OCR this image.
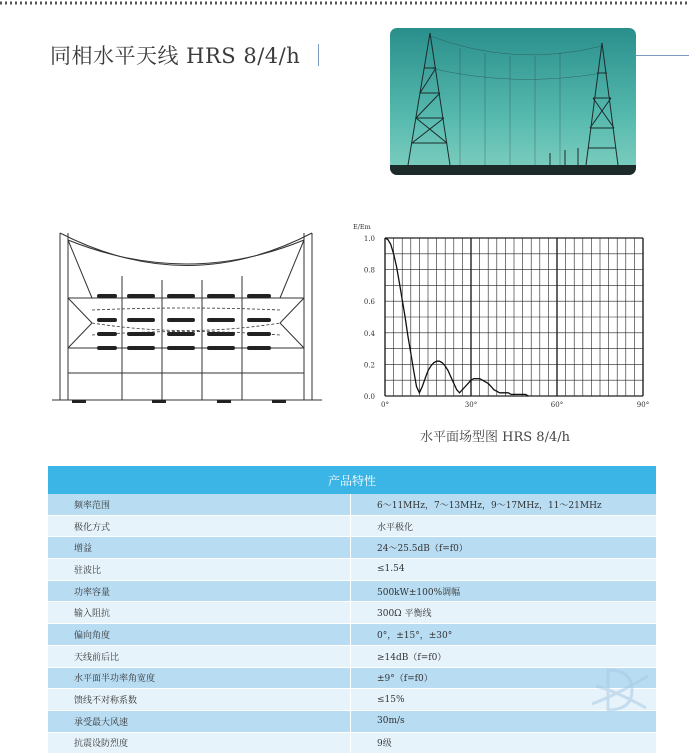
同相水平天线 HRS 8/4/h
1.0
0.8
0.6
0.4
0.2
0.0
0°	30°	60°	90°
E/Em
水平面场型图 HRS 8/4/h
产品特性	
频率范围	6～11MHz，7～13MHz，9～17MHz，11～21MHz
极化方式	水平极化
增益	24～25.5dB（f=f0）
驻波比	≤1.54
功率容量	500kW±100%调幅
输入阻抗	300Ω 平衡线
偏向角度	0°，±15°，±30°
天线前后比	≥14dB（f=f0）
水平面半功率角宽度	±9°（f=f0）
馈线不对称系数	≤15%
承受最大风速	30m/s
抗震设防烈度	9级
